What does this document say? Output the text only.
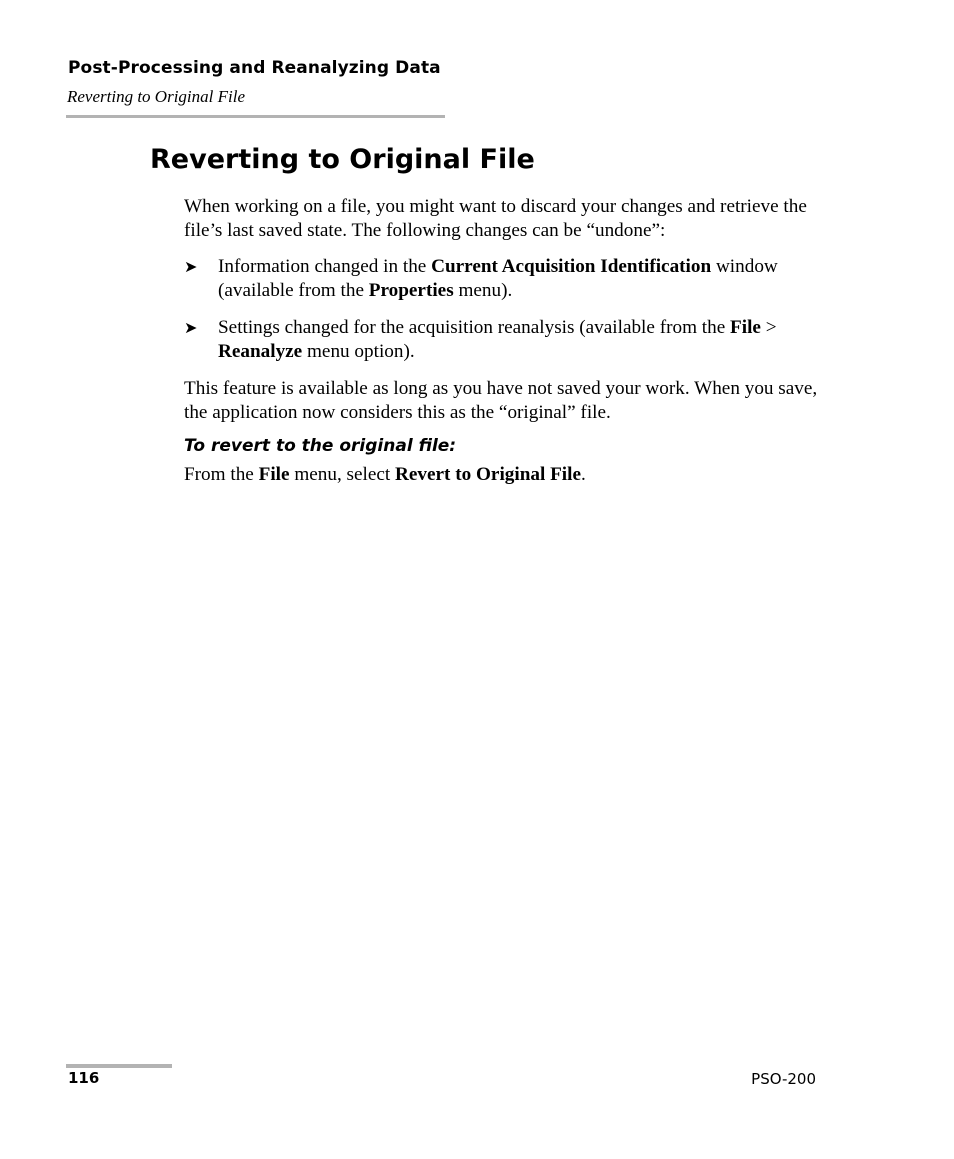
Post-Processing and Reanalyzing Data
Reverting to Original File
Reverting to Original File

When working on a file, you might want to discard your changes and retrieve the file’s last saved state. The following changes can be “undone”:

➤ Information changed in the Current Acquisition Identification window (available from the Properties menu).
➤ Settings changed for the acquisition reanalysis (available from the File > Reanalyze menu option).

This feature is available as long as you have not saved your work. When you save, the application now considers this as the “original” file.

To revert to the original file:

From the File menu, select Revert to Original File.

116	PSO-200
